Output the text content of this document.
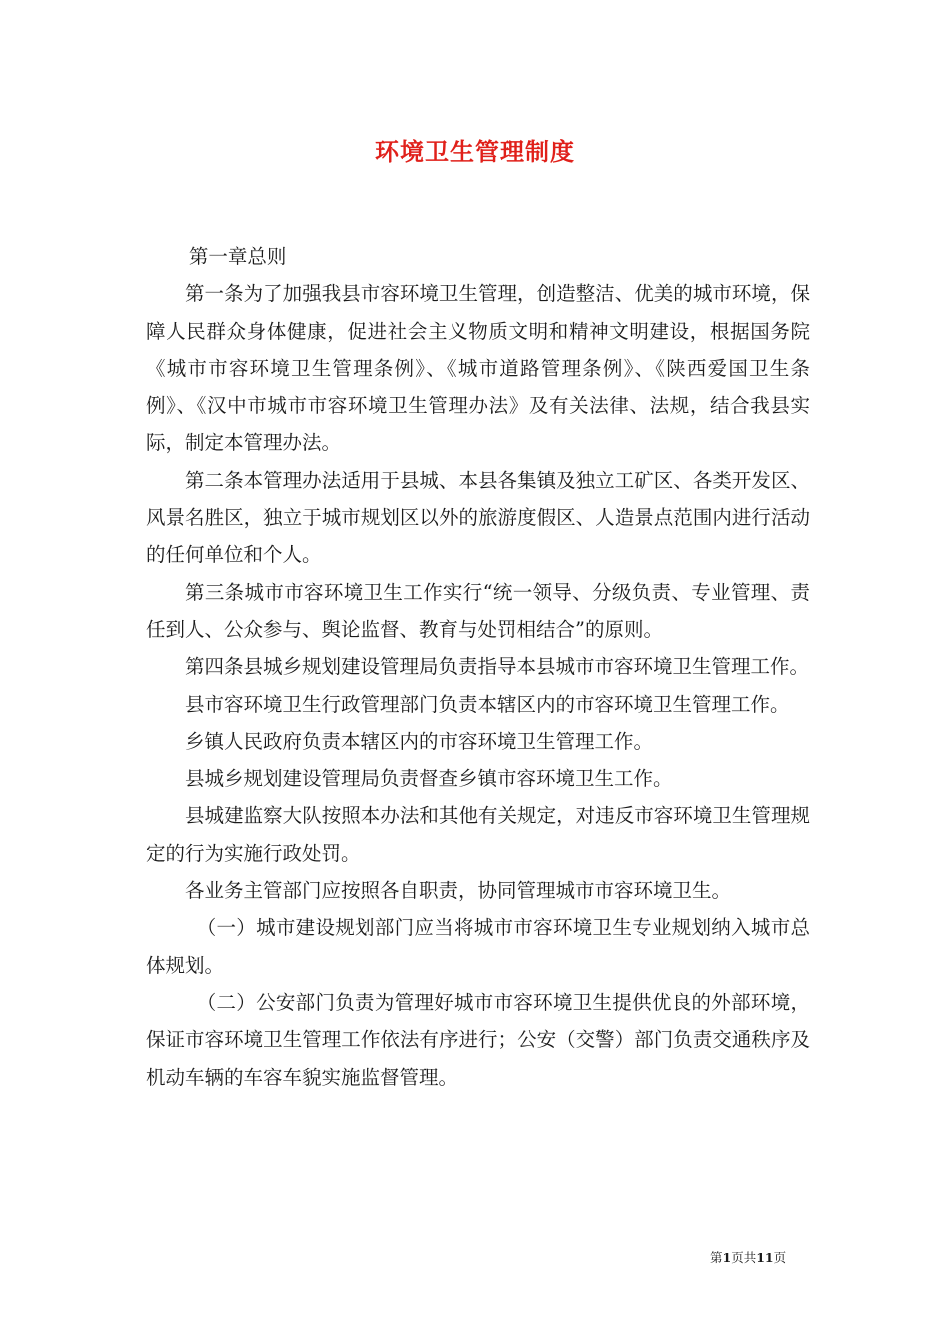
环境卫生管理制度

第一章总则

第一条为了加强我县市容环境卫生管理，创造整洁、优美的城市环境，保障人民群众身体健康，促进社会主义物质文明和精神文明建设，根据国务院《城市市容环境卫生管理条例》、《城市道路管理条例》、《陕西爱国卫生条例》、《汉中市城市市容环境卫生管理办法》及有关法律、法规，结合我县实际，制定本管理办法。

第二条本管理办法适用于县城、本县各集镇及独立工矿区、各类开发区、风景名胜区，独立于城市规划区以外的旅游度假区、人造景点范围内进行活动的任何单位和个人。

第三条城市市容环境卫生工作实行“统一领导、分级负责、专业管理、责任到人、公众参与、舆论监督、教育与处罚相结合”的原则。

第四条县城乡规划建设管理局负责指导本县城市市容环境卫生管理工作。

县市容环境卫生行政管理部门负责本辖区内的市容环境卫生管理工作。

乡镇人民政府负责本辖区内的市容环境卫生管理工作。

县城乡规划建设管理局负责督查乡镇市容环境卫生工作。

县城建监察大队按照本办法和其他有关规定，对违反市容环境卫生管理规定的行为实施行政处罚。

各业务主管部门应按照各自职责，协同管理城市市容环境卫生。

（一）城市建设规划部门应当将城市市容环境卫生专业规划纳入城市总体规划。

（二）公安部门负责为管理好城市市容环境卫生提供优良的外部环境，保证市容环境卫生管理工作依法有序进行；公安（交警）部门负责交通秩序及机动车辆的车容车貌实施监督管理。

第1页共11页
